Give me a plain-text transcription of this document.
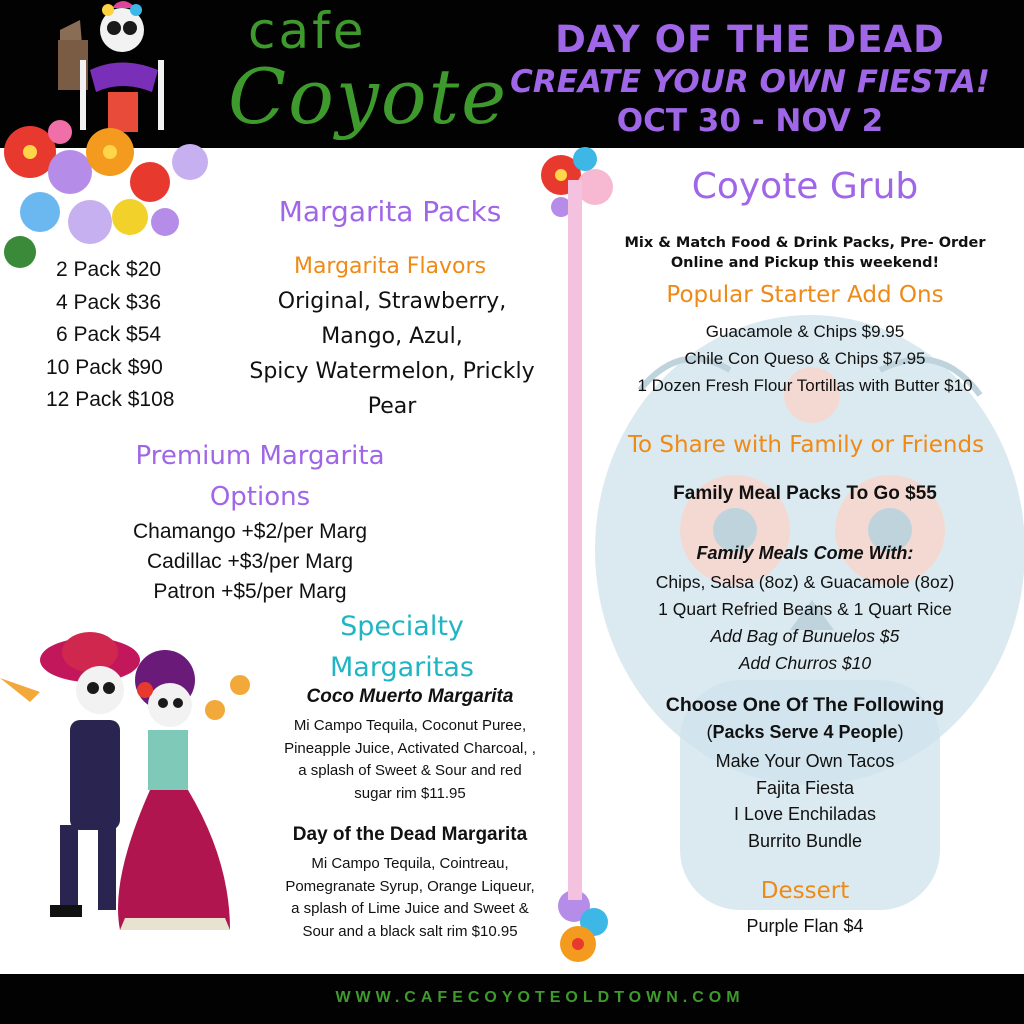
cafe
Coyote
DAY OF THE DEAD
CREATE YOUR OWN FIESTA!
OCT 30 - NOV 2
Margarita Packs
2 Pack $20
4 Pack $36
6 Pack $54
10 Pack $90
12 Pack $108
Margarita Flavors
Original, Strawberry,
Mango, Azul,
Spicy Watermelon, Prickly
Pear
Premium Margarita
Options
Chamango +$2/per Marg
Cadillac +$3/per Marg
Patron +$5/per Marg
Specialty
Margaritas
Coco Muerto Margarita
Mi Campo Tequila, Coconut Puree,
Pineapple Juice, Activated Charcoal, ,
a splash of Sweet & Sour and red
sugar rim $11.95
Day of the Dead Margarita
Mi Campo Tequila, Cointreau,
Pomegranate Syrup, Orange Liqueur,
a splash of Lime Juice and Sweet &
Sour and a black salt rim $10.95
Coyote Grub
Mix & Match Food & Drink Packs, Pre- Order
Online and Pickup this weekend!
Popular Starter Add Ons
Guacamole & Chips $9.95
Chile Con Queso & Chips $7.95
1 Dozen Fresh Flour Tortillas with Butter $10
To Share with Family or Friends
Family Meal Packs To Go $55
Family Meals Come With:
Chips, Salsa (8oz) & Guacamole (8oz)
1 Quart Refried Beans & 1 Quart Rice
Add Bag of Bunuelos $5
Add Churros $10
Choose One Of The Following
(Packs Serve 4 People)
Make Your Own Tacos
Fajita Fiesta
I Love Enchiladas
Burrito Bundle
Dessert
Purple Flan $4
WWW.CAFECOYOTEOLDTOWN.COM
